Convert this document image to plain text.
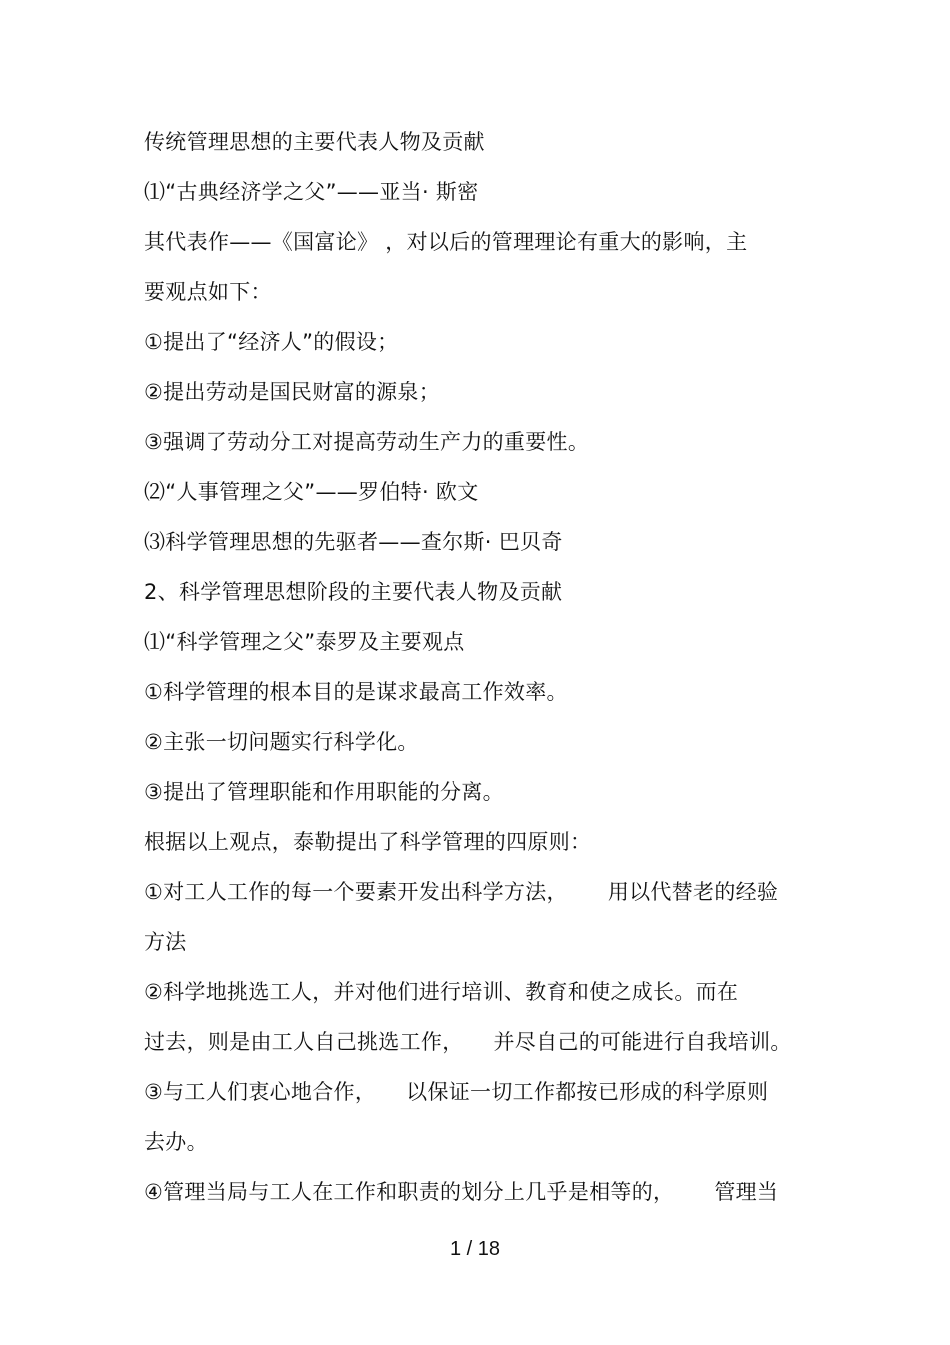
传统管理思想的主要代表人物及贡献
⑴“古典经济学之父”——亚当· 斯密
其代表作——《国富论》 ，对以后的管理理论有重大的影响，主
要观点如下：
①提出了“经济人”的假设；
②提出劳动是国民财富的源泉；
③强调了劳动分工对提高劳动生产力的重要性。
⑵“人事管理之父”——罗伯特· 欧文
⑶科学管理思想的先驱者——查尔斯· 巴贝奇
2、科学管理思想阶段的主要代表人物及贡献
⑴“科学管理之父”泰罗及主要观点
①科学管理的根本目的是谋求最高工作效率。
②主张一切问题实行科学化。
③提出了管理职能和作用职能的分离。
根据以上观点，泰勒提出了科学管理的四原则：
①对工人工作的每一个要素开发出科学方法， 用以代替老的经验
方法
②科学地挑选工人，并对他们进行培训、教育和使之成长。而在
过去，则是由工人自己挑选工作， 并尽自己的可能进行自我培训。
③与工人们衷心地合作， 以保证一切工作都按已形成的科学原则
去办。
④管理当局与工人在工作和职责的划分上几乎是相等的， 管理当
1 / 18
